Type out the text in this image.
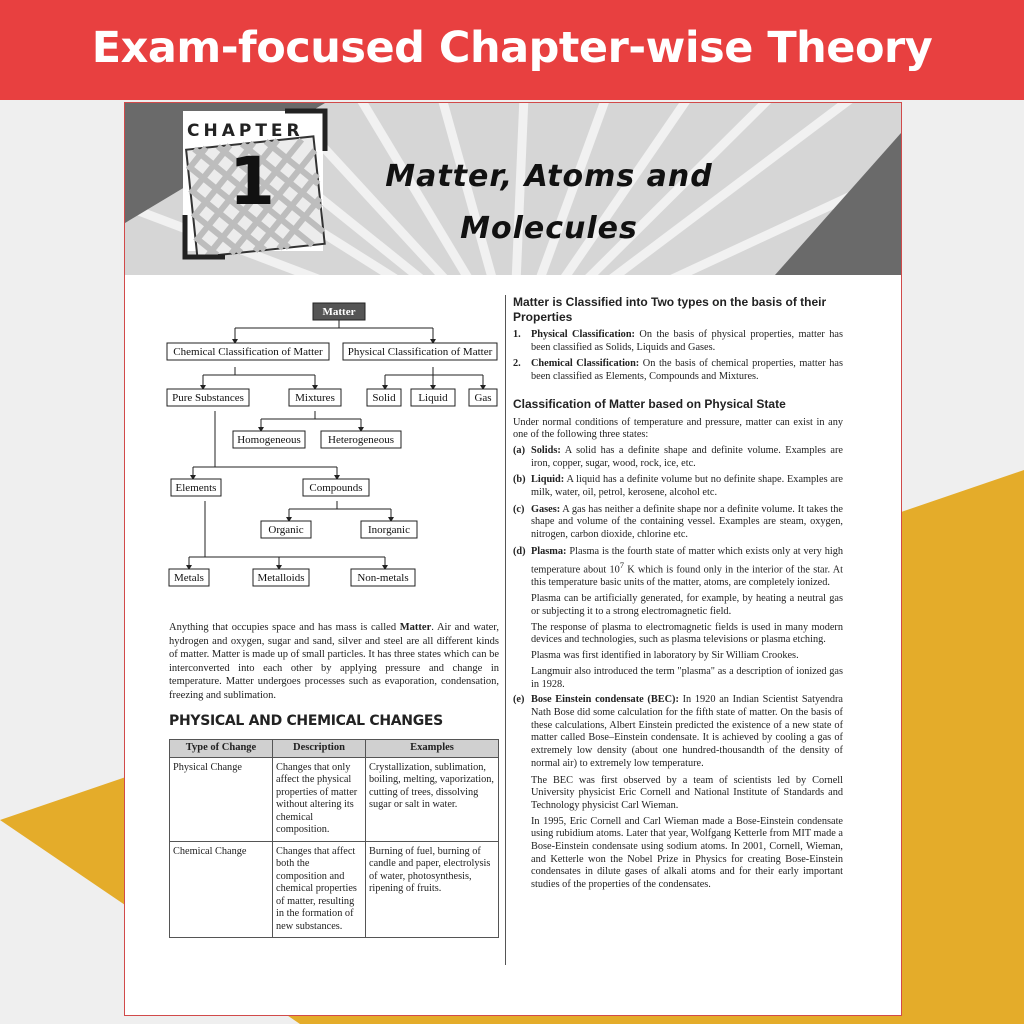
Exam-focused Chapter-wise Theory
CHAPTER
1	Matter, Atoms and
Molecules
Matter
Chemical Classification of Matter Physical Classification of Matter
Pure Substances	Mixtures	Solid Liquid Gas
Homogeneous Heterogeneous
Elements	Compounds
Organic	Inorganic
Metals	Metalloids	Non-metals
Anything that occupies space and has mass is called Matter. Air and water, hydrogen and oxygen, sugar and sand, silver and steel are all different kinds of matter. Matter is made up of small particles. It has three states which can be interconverted into each other by applying pressure and change in temperature. Matter undergoes processes such as evaporation, condensation, freezing and sublimation.
PHYSICAL AND CHEMICAL CHANGES
Type of Change	Description	Examples
Physical Change	Changes that only affect the physical properties of matter without altering its chemical composition.	Crystallization, sublimation, boiling, melting, vaporization, cutting of trees, dissolving sugar or salt in water.
Chemical Change	Changes that affect both the composition and chemical properties of matter, resulting in the formation of new substances.	Burning of fuel, burning of candle and paper, electrolysis of water, photosynthesis, ripening of fruits.
Matter is Classified into Two types on the basis of their Properties
1. Physical Classification: On the basis of physical properties, matter has been classified as Solids, Liquids and Gases.
2. Chemical Classification: On the basis of chemical properties, matter has been classified as Elements, Compounds and Mixtures.
Classification of Matter based on Physical State
Under normal conditions of temperature and pressure, matter can exist in any one of the following three states:
(a) Solids: A solid has a definite shape and definite volume. Examples are iron, copper, sugar, wood, rock, ice, etc.
(b) Liquid: A liquid has a definite volume but no definite shape. Examples are milk, water, oil, petrol, kerosene, alcohol etc.
(c) Gases: A gas has neither a definite shape nor a definite volume. It takes the shape and volume of the containing vessel. Examples are steam, oxygen, nitrogen, carbon dioxide, chlorine etc.
(d) Plasma: Plasma is the fourth state of matter which exists only at very high temperature about $10^7$ K which is found only in the interior of the star. At this temperature basic units of the matter, atoms, are completely ionized.
Plasma can be artificially generated, for example, by heating a neutral gas or subjecting it to a strong electromagnetic field.
The response of plasma to electromagnetic fields is used in many modern devices and technologies, such as plasma televisions or plasma etching.
Plasma was first identified in laboratory by Sir William Crookes.
Langmuir also introduced the term "plasma" as a description of ionized gas in 1928.
(e) Bose Einstein condensate (BEC): In 1920 an Indian Scientist Satyendra Nath Bose did some calculation for the fifth state of matter. On the basis of these calculations, Albert Einstein predicted the existence of a new state of matter called Bose–Einstein condensate. It is achieved by cooling a gas of extremely low density (about one hundred-thousandth of the density of normal air) to extremely low temperature.
The BEC was first observed by a team of scientists led by Cornell University physicist Eric Cornell and National Institute of Standards and Technology physicist Carl Wieman.
In 1995, Eric Cornell and Carl Wieman made a Bose-Einstein condensate using rubidium atoms. Later that year, Wolfgang Ketterle from MIT made a Bose-Einstein condensate using sodium atoms. In 2001, Cornell, Wieman, and Ketterle won the Nobel Prize in Physics for creating Bose-Einstein condensates in dilute gases of alkali atoms and for their early important studies of the properties of the condensates.
